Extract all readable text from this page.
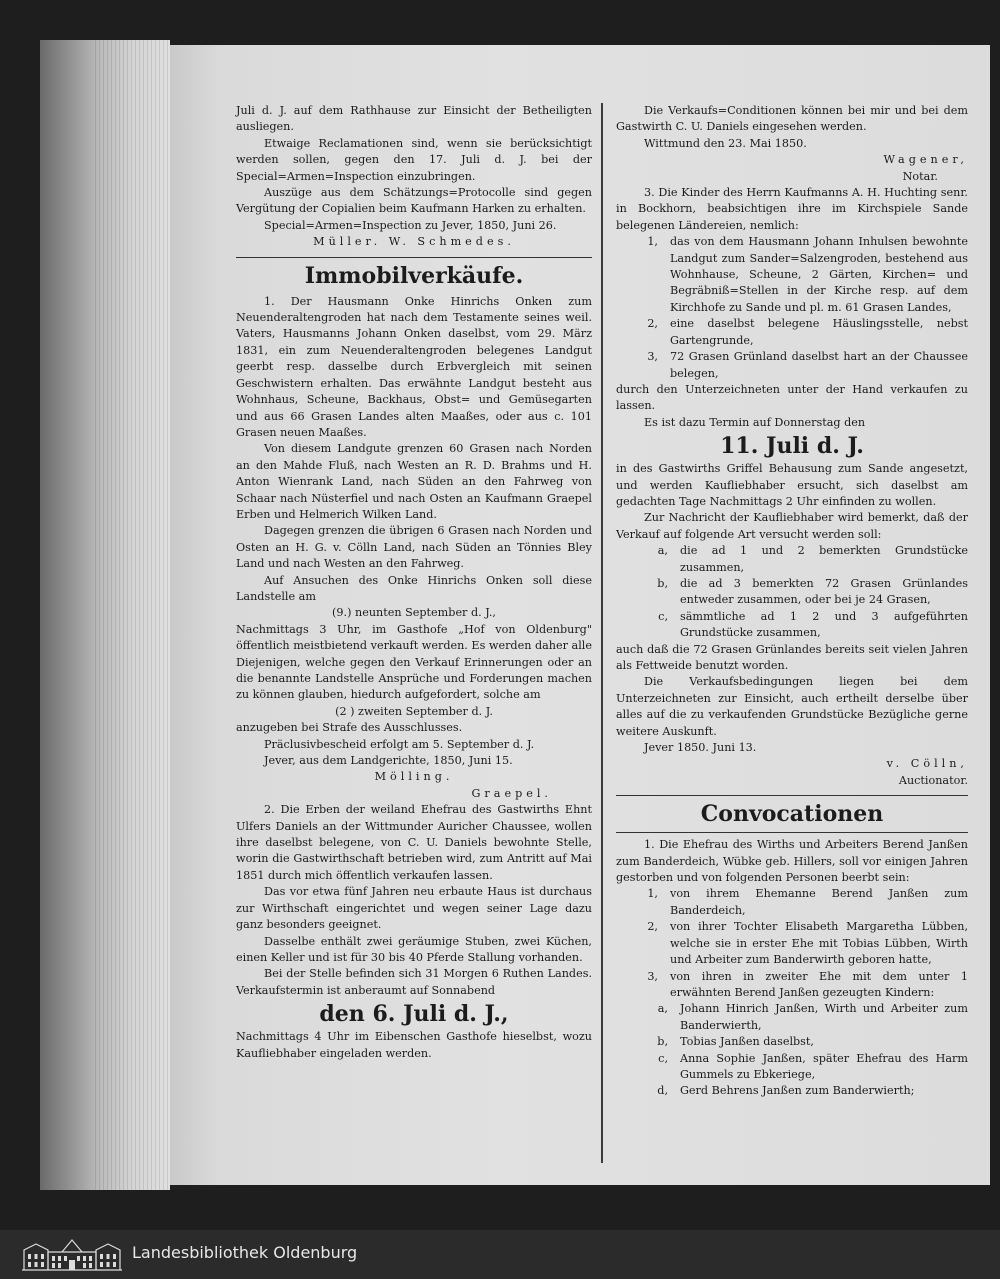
Juli d. J. auf dem Rathhause zur Einsicht der Betheiligten ausliegen.

Etwaige Reclamationen sind, wenn sie berücksichtigt werden sollen, gegen den 17. Juli d. J. bei der Special=Armen=Inspection einzubringen.

Auszüge aus dem Schätzungs=Protocolle sind gegen Vergütung der Copialien beim Kaufmann Harken zu erhalten.

Special=Armen=Inspection zu Jever, 1850, Juni 26.

Müller. W. Schmedes.

Immobilverkäufe.

1. Der Hausmann Onke Hinrichs Onken zum Neuenderaltengroden hat nach dem Testamente seines weil. Vaters, Hausmanns Johann Onken daselbst, vom 29. März 1831, ein zum Neuenderaltengroden belegenes Landgut geerbt resp. dasselbe durch Erbvergleich mit seinen Geschwistern erhalten. Das erwähnte Landgut besteht aus Wohnhaus, Scheune, Backhaus, Obst= und Gemüsegarten und aus 66 Grasen Landes alten Maaßes, oder aus c. 101 Grasen neuen Maaßes.

Von diesem Landgute grenzen 60 Grasen nach Norden an den Mahde Fluß, nach Westen an R. D. Brahms und H. Anton Wienrank Land, nach Süden an den Fahrweg von Schaar nach Nüsterfiel und nach Osten an Kaufmann Graepel Erben und Helmerich Wilken Land.

Dagegen grenzen die übrigen 6 Grasen nach Norden und Osten an H. G. v. Cölln Land, nach Süden an Tönnies Bley Land und nach Westen an den Fahrweg.

Auf Ansuchen des Onke Hinrichs Onken soll diese Landstelle am

(9.) neunten September d. J.,

Nachmittags 3 Uhr, im Gasthofe „Hof von Oldenburg" öffentlich meistbietend verkauft werden. Es werden daher alle Diejenigen, welche gegen den Verkauf Erinnerungen oder an die benannte Landstelle Ansprüche und Forderungen machen zu können glauben, hiedurch aufgefordert, solche am

(2 ) zweiten September d. J.

anzugeben bei Strafe des Ausschlusses.

Präclusivbescheid erfolgt am 5. September d. J.

Jever, aus dem Landgerichte, 1850, Juni 15.

Mölling.

Graepel.

2. Die Erben der weiland Ehefrau des Gastwirths Ehnt Ulfers Daniels an der Wittmunder Auricher Chaussee, wollen ihre daselbst belegene, von C. U. Daniels bewohnte Stelle, worin die Gastwirthschaft betrieben wird, zum Antritt auf Mai 1851 durch mich öffentlich verkaufen lassen.

Das vor etwa fünf Jahren neu erbaute Haus ist durchaus zur Wirthschaft eingerichtet und wegen seiner Lage dazu ganz besonders geeignet.

Dasselbe enthält zwei geräumige Stuben, zwei Küchen, einen Keller und ist für 30 bis 40 Pferde Stallung vorhanden.

Bei der Stelle befinden sich 31 Morgen 6 Ruthen Landes. Verkaufstermin ist anberaumt auf Sonnabend

den 6. Juli d. J.,

Nachmittags 4 Uhr im Eibenschen Gasthofe hieselbst, wozu Kaufliebhaber eingeladen werden.

Die Verkaufs=Conditionen können bei mir und bei dem Gastwirth C. U. Daniels eingesehen werden.

Wittmund den 23. Mai 1850.

Wagener,

Notar.

3. Die Kinder des Herrn Kaufmanns A. H. Huchting senr. in Bockhorn, beabsichtigen ihre im Kirchspiele Sande belegenen Ländereien, nemlich:

1,	das von dem Hausmann Johann Inhulsen bewohnte Landgut zum Sander=Salzengroden, bestehend aus Wohnhause, Scheune, 2 Gärten, Kirchen= und Begräbniß=Stellen in der Kirche resp. auf dem Kirchhofe zu Sande und pl. m. 61 Grasen Landes,
2,	eine daselbst belegene Häuslingsstelle, nebst Gartengrunde,
3,	72 Grasen Grünland daselbst hart an der Chaussee belegen,

durch den Unterzeichneten unter der Hand verkaufen zu lassen.

Es ist dazu Termin auf Donnerstag den

11. Juli d. J.

in des Gastwirths Griffel Behausung zum Sande angesetzt, und werden Kaufliebhaber ersucht, sich daselbst am gedachten Tage Nachmittags 2 Uhr einfinden zu wollen.

Zur Nachricht der Kaufliebhaber wird bemerkt, daß der Verkauf auf folgende Art versucht werden soll:

a,	die ad 1 und 2 bemerkten Grundstücke zusammen,
b,	die ad 3 bemerkten 72 Grasen Grünlandes entweder zusammen, oder bei je 24 Grasen,
c,	sämmtliche ad 1 2 und 3 aufgeführten Grundstücke zusammen,

auch daß die 72 Grasen Grünlandes bereits seit vielen Jahren als Fettweide benutzt worden.

Die Verkaufsbedingungen liegen bei dem Unterzeichneten zur Einsicht, auch ertheilt derselbe über alles auf die zu verkaufenden Grundstücke Bezügliche gerne weitere Auskunft.

Jever 1850. Juni 13.

v. Cölln,

Auctionator.

Convocationen

1. Die Ehefrau des Wirths und Arbeiters Berend Janßen zum Banderdeich, Wübke geb. Hillers, soll vor einigen Jahren gestorben und von folgenden Personen beerbt sein:

1,	von ihrem Ehemanne Berend Janßen zum Banderdeich,
2,	von ihrer Tochter Elisabeth Margaretha Lübben, welche sie in erster Ehe mit Tobias Lübben, Wirth und Arbeiter zum Banderwirth geboren hatte,
3,	von ihren in zweiter Ehe mit dem unter 1 erwähnten Berend Janßen gezeugten Kindern:
a,	Johann Hinrich Janßen, Wirth und Arbeiter zum Banderwierth,
b,	Tobias Janßen daselbst,
c,	Anna Sophie Janßen, später Ehefrau des Harm Gummels zu Ebkeriege,
d,	Gerd Behrens Janßen zum Banderwierth;
Landesbibliothek Oldenburg
